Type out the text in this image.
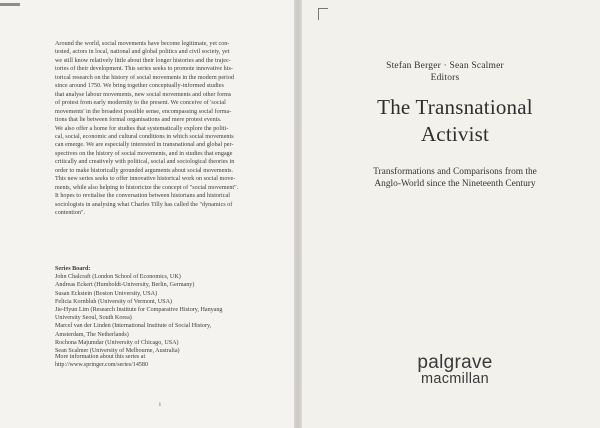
Around the world, social movements have become legitimate, yet con-

tested, actors in local, national and global politics and civil society, yet

we still know relatively little about their longer histories and the trajec-

tories of their development. This series seeks to promote innovative his-

torical research on the history of social movements in the modern period

since around 1750. We bring together conceptually-informed studies

that analyse labour movements, new social movements and other forms

of protest from early modernity to the present. We conceive of 'social

movements' in the broadest possible sense, encompassing social forma-

tions that lie between formal organisations and mere protest events.

We also offer a home for studies that systematically explore the politi-

cal, social, economic and cultural conditions in which social movements

can emerge. We are especially interested in transnational and global per-

spectives on the history of social movements, and in studies that engage

critically and creatively with political, social and sociological theories in

order to make historically grounded arguments about social movements.

This new series seeks to offer innovative historical work on social move-

ments, while also helping to historicize the concept of "social movement".

It hopes to revitalise the conversation between historians and historical

sociologists in analysing what Charles Tilly has called the "dynamics of

contention".

Series Board:
John Chalcraft (London School of Economics, UK)
Andreas Eckert (Humboldt-University, Berlin, Germany)
Susan Eckstein (Boston University, USA)
Felicia Kornbluh (University of Vermont, USA)
Jie-Hyun Lim (Research Institute for Comparative History, Hanyang
University Seoul, South Korea)
Marcel van der Linden (International Institute of Social History,
Amsterdam, The Netherlands)
Rochona Majumdar (University of Chicago, USA)
Sean Scalmer (University of Melbourne, Australia)
More information about this series at
http://www.springer.com/series/14580
i
Stefan Berger · Sean Scalmer
Editors
The Transnational
Activist
Transformations and Comparisons from the
Anglo-World since the Nineteenth Century
palgrave
macmillan
